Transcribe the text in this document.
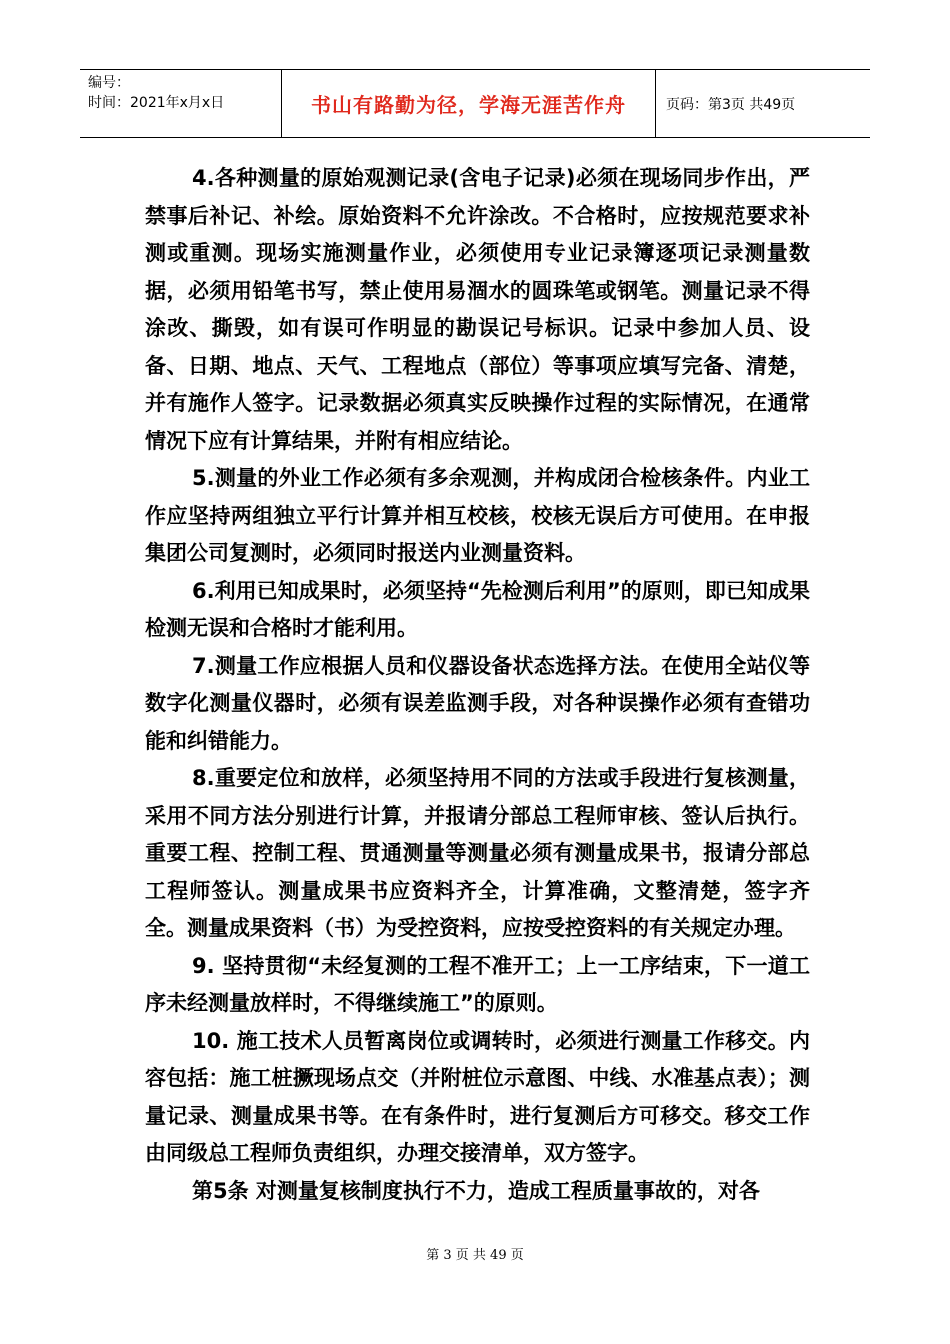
编号：
时间：2021年x月x日	书山有路勤为径，学海无涯苦作舟	页码：第3页 共49页

4.各种测量的原始观测记录(含电子记录)必须在现场同步作出，严禁事后补记、补绘。原始资料不允许涂改。不合格时，应按规范要求补测或重测。现场实施测量作业，必须使用专业记录簿逐项记录测量数据，必须用铅笔书写，禁止使用易涸水的圆珠笔或钢笔。测量记录不得涂改、撕毁，如有误可作明显的勘误记号标识。记录中参加人员、设备、日期、地点、天气、工程地点（部位）等事项应填写完备、清楚，并有施作人签字。记录数据必须真实反映操作过程的实际情况，在通常情况下应有计算结果，并附有相应结论。

5.测量的外业工作必须有多余观测，并构成闭合检核条件。内业工作应坚持两组独立平行计算并相互校核，校核无误后方可使用。在申报集团公司复测时，必须同时报送内业测量资料。

6.利用已知成果时，必须坚持“先检测后利用”的原则，即已知成果检测无误和合格时才能利用。

7.测量工作应根据人员和仪器设备状态选择方法。在使用全站仪等数字化测量仪器时，必须有误差监测手段，对各种误操作必须有查错功能和纠错能力。

8.重要定位和放样，必须坚持用不同的方法或手段进行复核测量，采用不同方法分别进行计算，并报请分部总工程师审核、签认后执行。重要工程、控制工程、贯通测量等测量必须有测量成果书，报请分部总工程师签认。测量成果书应资料齐全，计算准确，文整清楚，签字齐全。测量成果资料（书）为受控资料，应按受控资料的有关规定办理。

9. 坚持贯彻“未经复测的工程不准开工；上一工序结束，下一道工序未经测量放样时，不得继续施工”的原则。

10. 施工技术人员暂离岗位或调转时，必须进行测量工作移交。内容包括：施工桩撅现场点交（并附桩位示意图、中线、水准基点表）；测量记录、测量成果书等。在有条件时，进行复测后方可移交。移交工作由同级总工程师负责组织，办理交接清单，双方签字。

第5条 对测量复核制度执行不力，造成工程质量事故的，对各

第 3 页 共 49 页
